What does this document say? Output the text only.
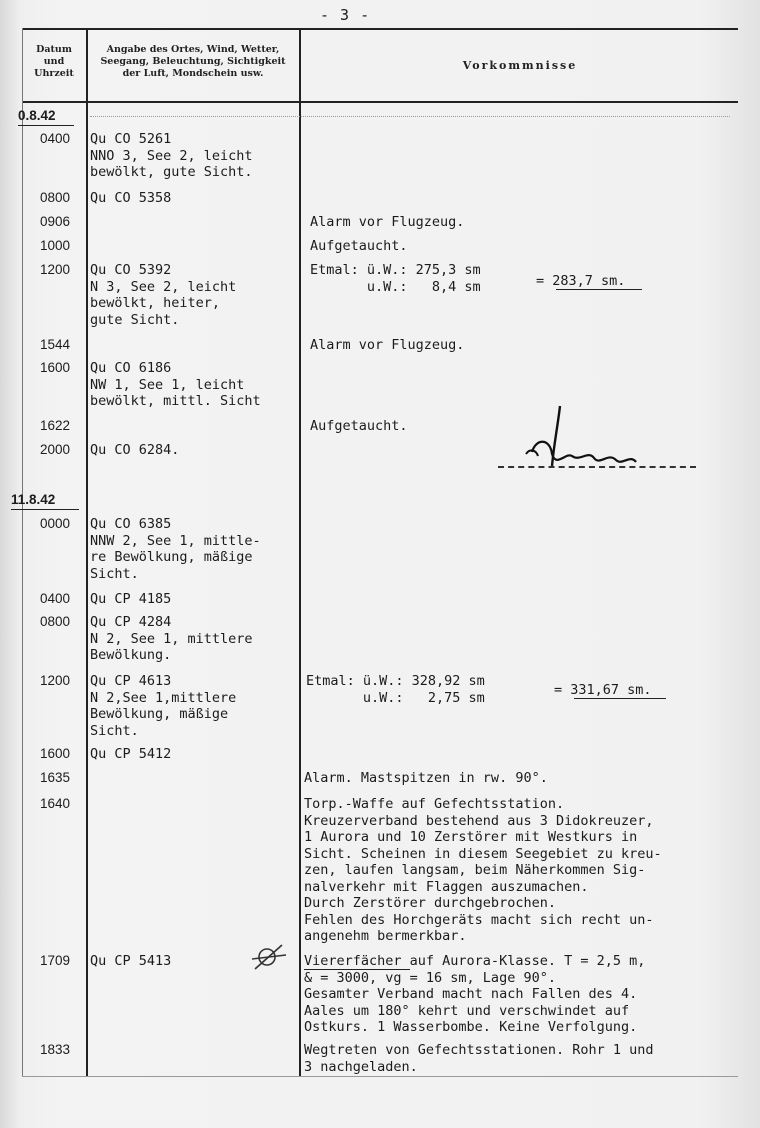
- 3 -
Datum
und
Uhrzeit
Angabe des Ortes, Wind, Wetter,
Seegang, Beleuchtung, Sichtigkeit
der Luft, Mondschein usw.
Vorkommnisse
0.8.42
11.8.42
0400
0800
0906
1000
1200
1544
1600
1622
2000
0000
0400
0800
1200
1600
1635
1640
1709
1833
Qu CO 5261
NNO 3, See 2, leicht
bewölkt, gute Sicht.
Qu CO 5358
Qu CO 5392
N 3, See 2, leicht
bewölkt, heiter,
gute Sicht.
Qu CO 6186
NW 1, See 1, leicht
bewölkt, mittl. Sicht
Qu CO 6284.
Qu CO 6385
NNW 2, See 1, mittle-
re Bewölkung, mäßige
Sicht.
Qu CP 4185
Qu CP 4284
N 2, See 1, mittlere
Bewölkung.
Qu CP 4613
N 2,See 1,mittlere
Bewölkung, mäßige
Sicht.
Qu CP 5412
Qu CP 5413
Alarm vor Flugzeug.
Aufgetaucht.
Etmal: ü.W.: 275,3 sm
u.W.:   8,4 sm	= 283,7 sm.
Alarm vor Flugzeug.
Aufgetaucht.
Etmal: ü.W.: 328,92 sm
u.W.:   2,75 sm	= 331,67 sm.
Alarm. Mastspitzen in rw. 90°.
Torp.-Waffe auf Gefechtsstation.
Kreuzerverband bestehend aus 3 Didokreuzer,
1 Aurora und 10 Zerstörer mit Westkurs in
Sicht. Scheinen in diesem Seegebiet zu kreu-
zen, laufen langsam, beim Näherkommen Sig-
nalverkehr mit Flaggen auszumachen.
Durch Zerstörer durchgebrochen.
Fehlen des Horchgeräts macht sich recht un-
angenehm bermerkbar.
Viererfächer auf Aurora-Klasse. T = 2,5 m,
& = 3000, vg = 16 sm, Lage 90°.
Gesamter Verband macht nach Fallen des 4.
Aales um 180° kehrt und verschwindet auf
Ostkurs. 1 Wasserbombe. Keine Verfolgung.
Wegtreten von Gefechtsstationen. Rohr 1 und
3 nachgeladen.
